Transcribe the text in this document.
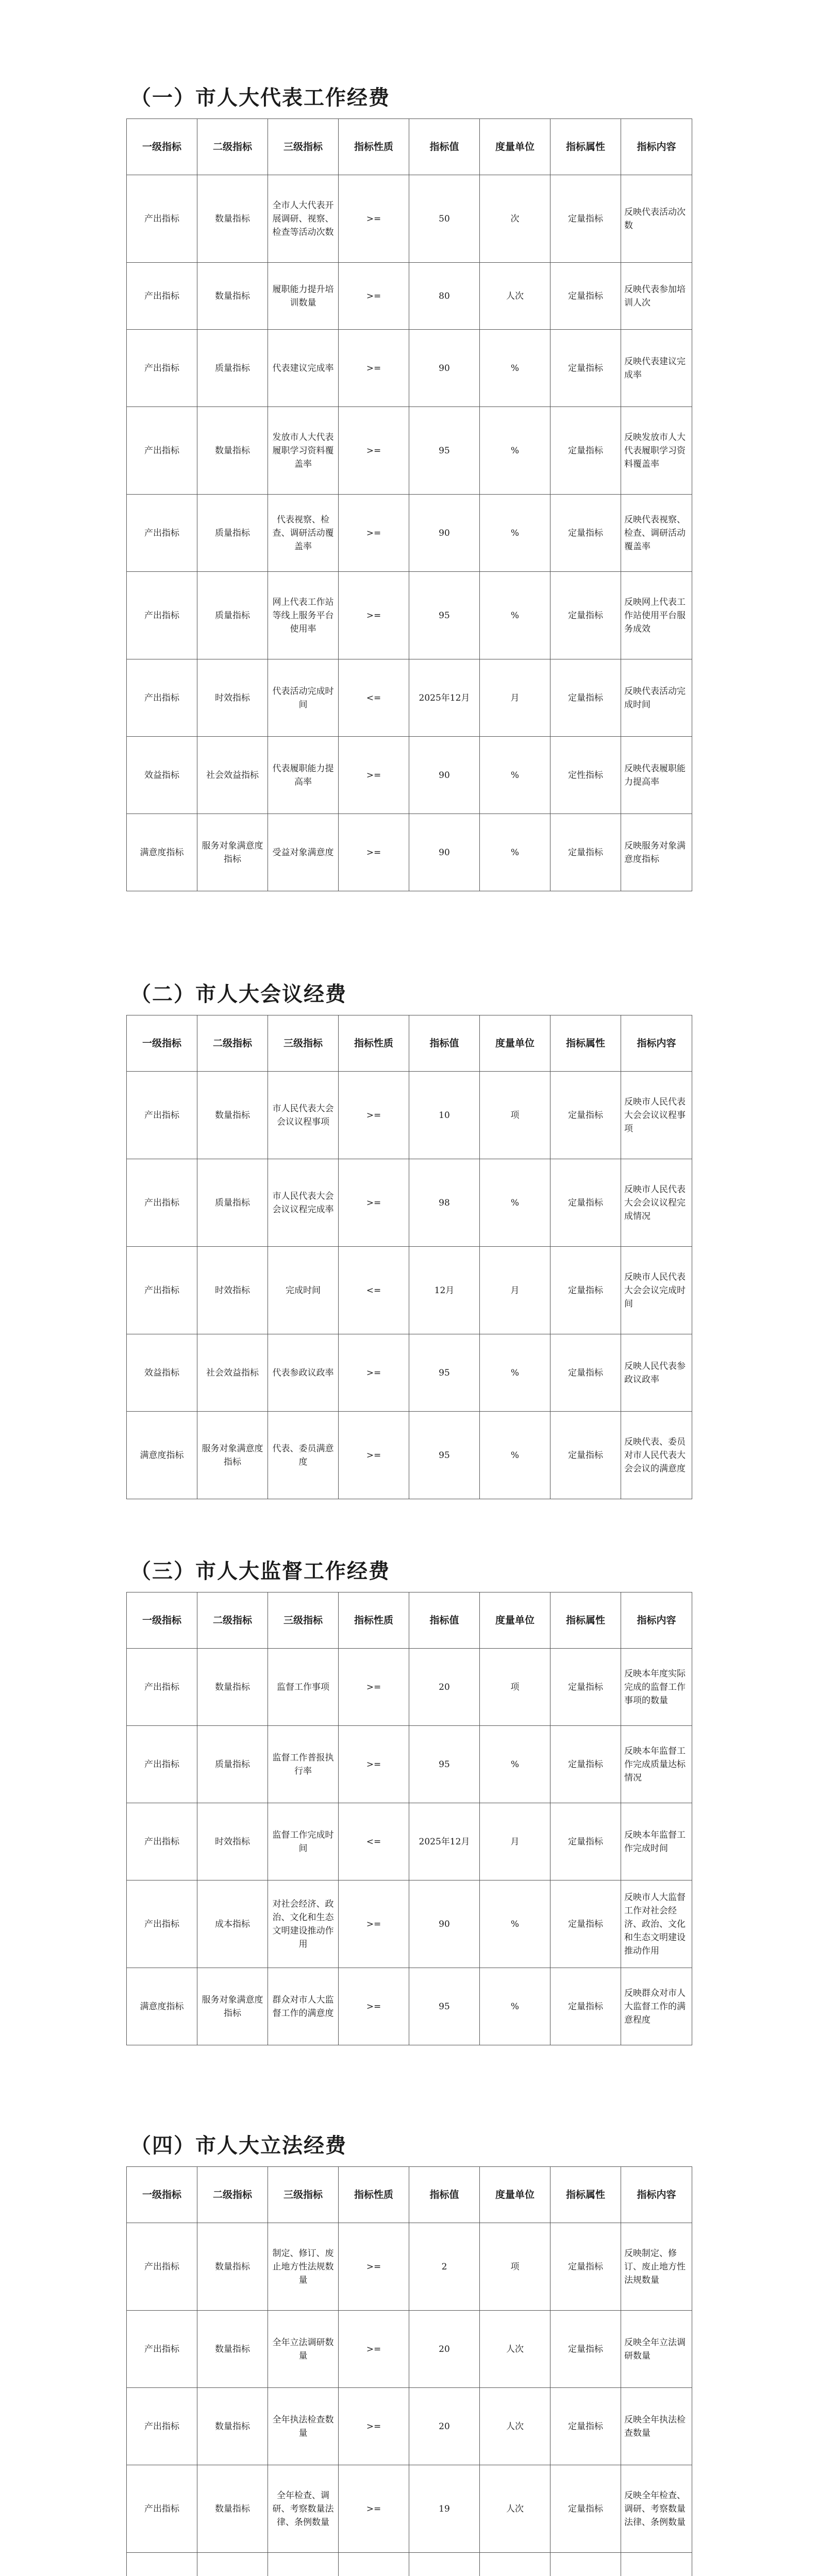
（一）市人大代表工作经费
一级指标	二级指标	三级指标	指标性质	指标值	度量单位	指标属性	指标内容
产出指标	数量指标	全市人大代表开展调研、视察、检查等活动次数	>=	50	次	定量指标	反映代表活动次数
产出指标	数量指标	履职能力提升培训数量	>=	80	人次	定量指标	反映代表参加培训人次
产出指标	质量指标	代表建议完成率	>=	90	%	定量指标	反映代表建议完成率
产出指标	数量指标	发放市人大代表履职学习资料覆盖率	>=	95	%	定量指标	反映发放市人大代表履职学习资料覆盖率
产出指标	质量指标	代表视察、检查、调研活动覆盖率	>=	90	%	定量指标	反映代表视察、检查、调研活动覆盖率
产出指标	质量指标	网上代表工作站等线上服务平台使用率	>=	95	%	定量指标	反映网上代表工作站使用平台服务成效
产出指标	时效指标	代表活动完成时间	<=	2025年12月	月	定量指标	反映代表活动完成时间
效益指标	社会效益指标	代表履职能力提高率	>=	90	%	定性指标	反映代表履职能力提高率
满意度指标	服务对象满意度指标	受益对象满意度	>=	90	%	定量指标	反映服务对象满意度指标
（二）市人大会议经费
一级指标	二级指标	三级指标	指标性质	指标值	度量单位	指标属性	指标内容
产出指标	数量指标	市人民代表大会会议议程事项	>=	10	项	定量指标	反映市人民代表大会会议议程事项
产出指标	质量指标	市人民代表大会会议议程完成率	>=	98	%	定量指标	反映市人民代表大会会议议程完成情况
产出指标	时效指标	完成时间	<=	12月	月	定量指标	反映市人民代表大会会议完成时间
效益指标	社会效益指标	代表参政议政率	>=	95	%	定量指标	反映人民代表参政议政率
满意度指标	服务对象满意度指标	代表、委员满意度	>=	95	%	定量指标	反映代表、委员对市人民代表大会会议的满意度
（三）市人大监督工作经费
一级指标	二级指标	三级指标	指标性质	指标值	度量单位	指标属性	指标内容
产出指标	数量指标	监督工作事项	>=	20	项	定量指标	反映本年度实际完成的监督工作事项的数量
产出指标	质量指标	监督工作普报执行率	>=	95	%	定量指标	反映本年监督工作完成质量达标情况
产出指标	时效指标	监督工作完成时间	<=	2025年12月	月	定量指标	反映本年监督工作完成时间
产出指标	成本指标	对社会经济、政治、文化和生态文明建设推动作用	>=	90	%	定量指标	反映市人大监督工作对社会经济、政治、文化和生态文明建设推动作用
满意度指标	服务对象满意度指标	群众对市人大监督工作的满意度	>=	95	%	定量指标	反映群众对市人大监督工作的满意程度
（四）市人大立法经费
一级指标	二级指标	三级指标	指标性质	指标值	度量单位	指标属性	指标内容
产出指标	数量指标	制定、修订、废止地方性法规数量	>=	2	项	定量指标	反映制定、修订、废止地方性法规数量
产出指标	数量指标	全年立法调研数量	>=	20	人次	定量指标	反映全年立法调研数量
产出指标	数量指标	全年执法检查数量	>=	20	人次	定量指标	反映全年执法检查数量
产出指标	数量指标	全年检查、调研、考察数量法律、条例数量	>=	19	人次	定量指标	反映全年检查、调研、考察数量法律、条例数量
